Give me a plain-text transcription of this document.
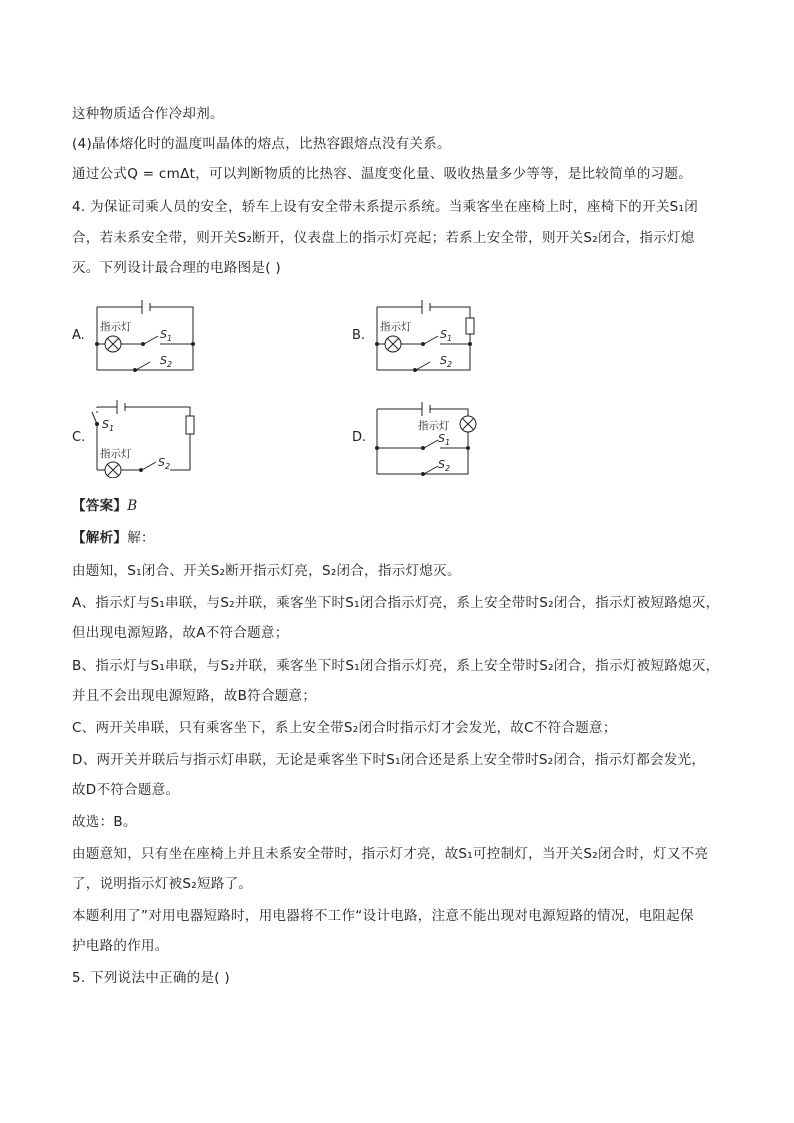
这种物质适合作冷却剂。
(4)晶体熔化时的温度叫晶体的熔点，比热容跟熔点没有关系。
通过公式Q = cmΔt，可以判断物质的比热容、温度变化量、吸收热量多少等等，是比较简单的习题。
4. 为保证司乘人员的安全，轿车上设有安全带未系提示系统。当乘客坐在座椅上时，座椅下的开关S₁闭
合，若未系安全带，则开关S₂断开，仪表盘上的指示灯亮起；若系上安全带，则开关S₂闭合，指示灯熄
灭。下列设计最合理的电路图是( )
A.	B.
C.	D.
指示灯
$S_1$
$S_2$
指示灯
$S_1$
$S_2$
$S_1$
指示灯
$S_2$
指示灯
$S_1$
$S_2$
【答案】B
【解析】解：
由题知，S₁闭合、开关S₂断开指示灯亮，S₂闭合，指示灯熄灭。
A、指示灯与S₁串联，与S₂并联，乘客坐下时S₁闭合指示灯亮，系上安全带时S₂闭合，指示灯被短路熄灭，
但出现电源短路，故A不符合题意；
B、指示灯与S₁串联，与S₂并联，乘客坐下时S₁闭合指示灯亮，系上安全带时S₂闭合，指示灯被短路熄灭，
并且不会出现电源短路，故B符合题意；
C、两开关串联，只有乘客坐下，系上安全带S₂闭合时指示灯才会发光，故C不符合题意；
D、两开关并联后与指示灯串联，无论是乘客坐下时S₁闭合还是系上安全带时S₂闭合，指示灯都会发光，
故D不符合题意。
故选：B。
由题意知，只有坐在座椅上并且未系安全带时，指示灯才亮，故S₁可控制灯，当开关S₂闭合时，灯又不亮
了，说明指示灯被S₂短路了。
本题利用了”对用电器短路时，用电器将不工作“设计电路，注意不能出现对电源短路的情况，电阻起保
护电路的作用。
5. 下列说法中正确的是( )
